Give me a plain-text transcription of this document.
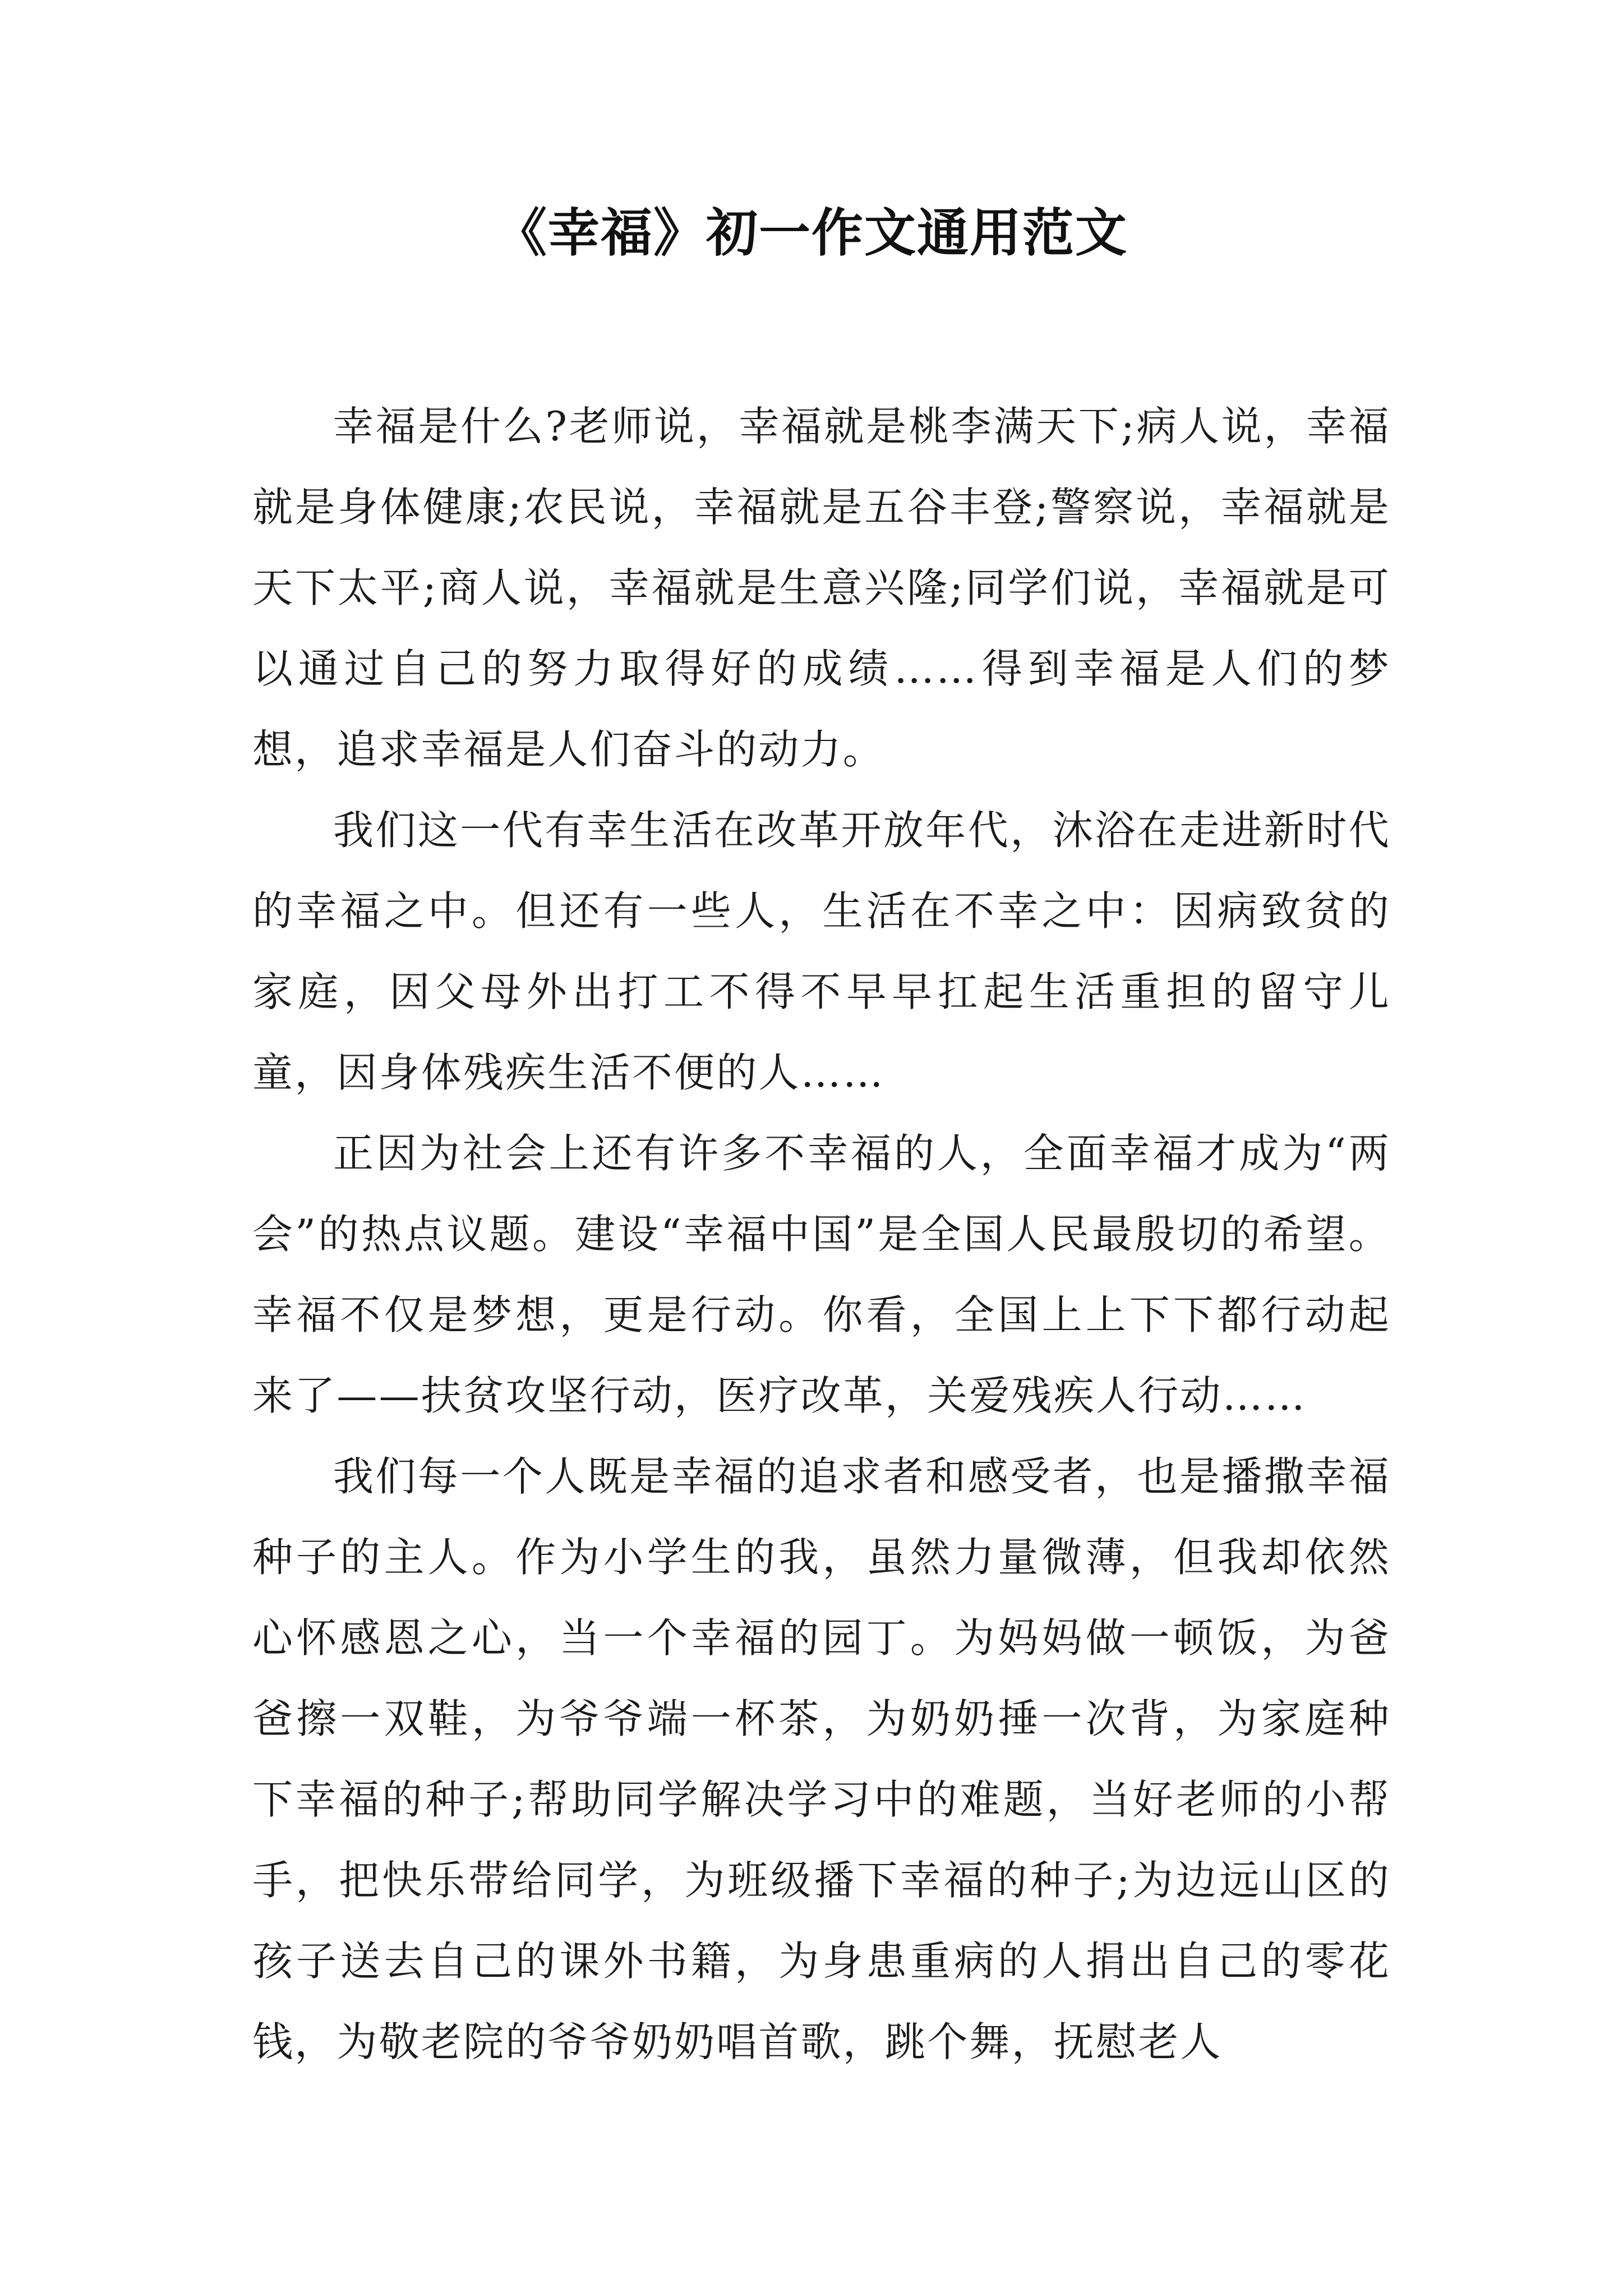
《幸福》初一作文通用范文

幸福是什么?老师说，幸福就是桃李满天下;病人说，幸福就是身体健康;农民说，幸福就是五谷丰登;警察说，幸福就是天下太平;商人说，幸福就是生意兴隆;同学们说，幸福就是可以通过自己的努力取得好的成绩……得到幸福是人们的梦想，追求幸福是人们奋斗的动力。

我们这一代有幸生活在改革开放年代，沐浴在走进新时代的幸福之中。但还有一些人，生活在不幸之中：因病致贫的家庭，因父母外出打工不得不早早扛起生活重担的留守儿童，因身体残疾生活不便的人……

正因为社会上还有许多不幸福的人，全面幸福才成为“两会”的热点议题。建设“幸福中国”是全国人民最殷切的希望。幸福不仅是梦想，更是行动。你看，全国上上下下都行动起来了——扶贫攻坚行动，医疗改革，关爱残疾人行动……

我们每一个人既是幸福的追求者和感受者，也是播撒幸福种子的主人。作为小学生的我，虽然力量微薄，但我却依然心怀感恩之心，当一个幸福的园丁。为妈妈做一顿饭，为爸爸擦一双鞋，为爷爷端一杯茶，为奶奶捶一次背，为家庭种下幸福的种子;帮助同学解决学习中的难题，当好老师的小帮手，把快乐带给同学，为班级播下幸福的种子;为边远山区的孩子送去自己的课外书籍，为身患重病的人捐出自己的零花钱，为敬老院的爷爷奶奶唱首歌，跳个舞，抚慰老人
